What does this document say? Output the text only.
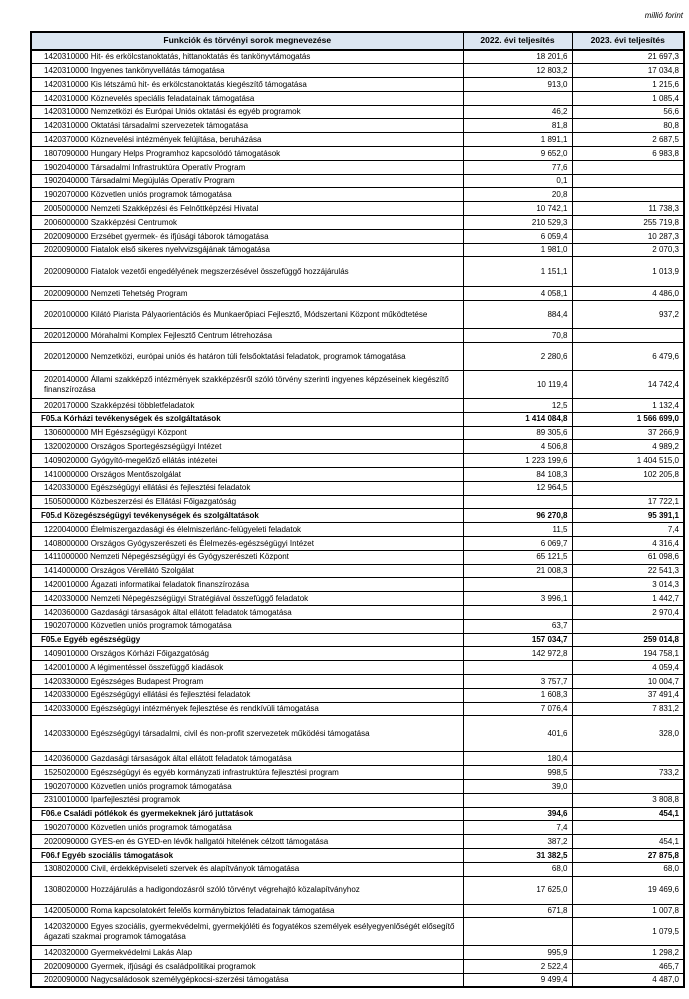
millió forint
Funkciók és törvényi sorok megnevezése	2022. évi teljesítés	2023. évi teljesítés
1420310000 Hit- és erkölcstanoktatás, hittanoktatás és tankönyvtámogatás	18 201,6	21 697,3
1420310000 Ingyenes tankönyvellátás támogatása	12 803,2	17 034,8
1420310000 Kis létszámú hit- és erkölcstanoktatás kiegészítő támogatása	913,0	1 215,6
1420310000 Köznevelés speciális feladatainak támogatása		1 085,4
1420310000 Nemzetközi és Európai Uniós oktatási és egyéb programok	46,2	56,6
1420310000 Oktatási társadalmi szervezetek támogatása	81,8	80,8
1420370000 Köznevelési intézmények felújítása, beruházása	1 891,1	2 687,5
1807090000 Hungary Helps Programhoz kapcsolódó támogatások	9 652,0	6 983,8
1902040000 Társadalmi Infrastruktúra Operatív Program	77,6	
1902040000 Társadalmi Megújulás Operatív Program	0,1	
1902070000 Közvetlen uniós programok támogatása	20,8	
2005000000 Nemzeti Szakképzési és Felnőttképzési Hivatal	10 742,1	11 738,3
2006000000 Szakképzési Centrumok	210 529,3	255 719,8
2020090000 Erzsébet gyermek- és ifjúsági táborok támogatása	6 059,4	10 287,3
2020090000 Fiatalok első sikeres nyelvvizsgájának támogatása	1 981,0	2 070,3
2020090000 Fiatalok vezetői engedélyének megszerzésével összefüggő hozzájárulás	1 151,1	1 013,9
2020090000 Nemzeti Tehetség Program	4 058,1	4 486,0
2020100000 Kilátó Piarista Pályaorientációs és Munkaerőpiaci Fejlesztő, Módszertani Központ működtetése	884,4	937,2
2020120000 Mórahalmi Komplex Fejlesztő Centrum létrehozása	70,8	
2020120000 Nemzetközi, európai uniós és határon túli felsőoktatási feladatok, programok támogatása	2 280,6	6 479,6
2020140000 Állami szakképző intézmények szakképzésről szóló törvény szerinti ingyenes képzéseinek kiegészítő finanszírozása	10 119,4	14 742,4
2020170000 Szakképzési többletfeladatok	12,5	1 132,4
F05.a Kórházi tevékenységek és szolgáltatások	1 414 084,8	1 566 699,0
1306000000 MH Egészségügyi Központ	89 305,6	37 266,9
1320020000 Országos Sportegészségügyi Intézet	4 506,8	4 989,2
1409020000 Gyógyító-megelőző ellátás intézetei	1 223 199,6	1 404 515,0
1410000000 Országos Mentőszolgálat	84 108,3	102 205,8
1420330000 Egészségügyi ellátási és fejlesztési feladatok	12 964,5	
1505000000 Közbeszerzési és Ellátási Főigazgatóság		17 722,1
F05.d Közegészségügyi tevékenységek és szolgáltatások	96 270,8	95 391,1
1220040000 Élelmiszergazdasági és élelmiszerlánc-felügyeleti feladatok	11,5	7,4
1408000000 Országos Gyógyszerészeti és Élelmezés-egészségügyi Intézet	6 069,7	4 316,4
1411000000 Nemzeti Népegészségügyi és Gyógyszerészeti Központ	65 121,5	61 098,6
1414000000 Országos Vérellátó Szolgálat	21 008,3	22 541,3
1420010000 Ágazati informatikai feladatok finanszírozása		3 014,3
1420330000 Nemzeti Népegészségügyi Stratégiával összefüggő feladatok	3 996,1	1 442,7
1420360000 Gazdasági társaságok által ellátott feladatok támogatása		2 970,4
1902070000 Közvetlen uniós programok támogatása	63,7	
F05.e Egyéb egészségügy	157 034,7	259 014,8
1409010000 Országos Kórházi Főigazgatóság	142 972,8	194 758,1
1420010000 A légimentéssel összefüggő kiadások		4 059,4
1420330000 Egészséges Budapest Program	3 757,7	10 004,7
1420330000 Egészségügyi ellátási és fejlesztési feladatok	1 608,3	37 491,4
1420330000 Egészségügyi intézmények fejlesztése és rendkívüli támogatása	7 076,4	7 831,2
1420330000 Egészségügyi társadalmi, civil és non-profit szervezetek működési támogatása	401,6	328,0
1420360000 Gazdasági társaságok által ellátott feladatok támogatása	180,4	
1525020000 Egészségügyi és egyéb kormányzati infrastruktúra fejlesztési program	998,5	733,2
1902070000 Közvetlen uniós programok támogatása	39,0	
2310010000 Iparfejlesztési programok		3 808,8
F06.e Családi pótlékok és gyermekeknek járó juttatások	394,6	454,1
1902070000 Közvetlen uniós programok támogatása	7,4	
2020090000 GYES-en és GYED-en lévők hallgatói hitelének célzott támogatása	387,2	454,1
F06.f Egyéb szociális támogatások	31 382,5	27 875,8
1308020000 Civil, érdekképviseleti szervek és alapítványok támogatása	68,0	68,0
1308020000 Hozzájárulás a hadigondozásról szóló törvényt végrehajtó közalapítványhoz	17 625,0	19 469,6
1420050000 Roma kapcsolatokért felelős kormánybiztos feladatainak támogatása	671,8	1 007,8
1420320000 Egyes szociális, gyermekvédelmi, gyermekjóléti és fogyatékos személyek esélyegyenlőségét elősegítő ágazati szakmai programok támogatása		1 079,5
1420320000 Gyermekvédelmi Lakás Alap	995,9	1 298,2
2020090000 Gyermek, ifjúsági és családpolitikai programok	2 522,4	465,7
2020090000 Nagycsaládosok személygépkocsi-szerzési támogatása	9 499,4	4 487,0
